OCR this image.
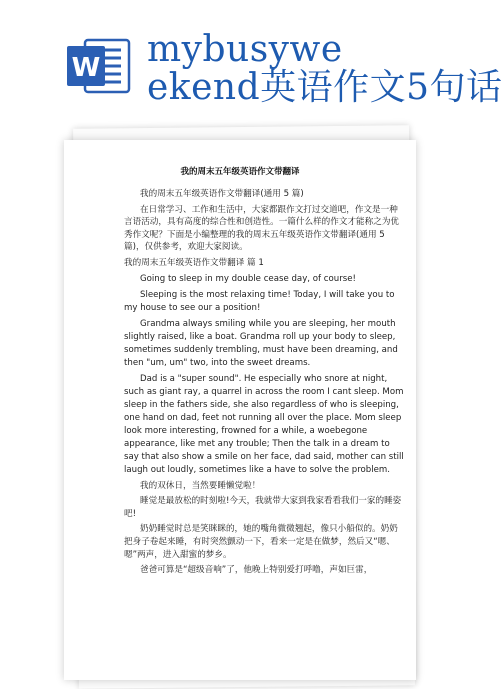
W mybusywe
ekend英语作文5句话
我的周末五年级英语作文带翻译

我的周末五年级英语作文带翻译(通用 5 篇)

在日常学习、工作和生活中，大家都跟作文打过交道吧，作文是一种言语活动，具有高度的综合性和创造性。一篇什么样的作文才能称之为优秀作文呢？下面是小编整理的我的周末五年级英语作文带翻译(通用 5 篇)，仅供参考，欢迎大家阅读。

我的周末五年级英语作文带翻译 篇 1

Going to sleep in my double cease day, of course!

Sleeping is the most relaxing time! Today, I will take you to my house to see our a position!

Grandma always smiling while you are sleeping, her mouth slightly raised, like a boat. Grandma roll up your body to sleep, sometimes suddenly trembling, must have been dreaming, and then "um, um" two, into the sweet dreams.

Dad is a "super sound". He especially who snore at night, such as giant ray, a quarrel in across the room I cant sleep. Mom sleep in the fathers side, she also regardless of who is sleeping, one hand on dad, feet not running all over the place. Mom sleep look more interesting, frowned for a while, a woebegone appearance, like met any trouble; Then the talk in a dream to say that also show a smile on her face, dad said, mother can still laugh out loudly, sometimes like a have to solve the problem.

我的双休日，当然要睡懒觉啦！

睡觉是最放松的时刻啦!今天，我就带大家到我家看看我们一家的睡姿吧!

奶奶睡觉时总是笑眯眯的，她的嘴角微微翘起，像只小船似的。奶奶把身子卷起来睡，有时突然颤动一下，看来一定是在做梦，然后又“嗯、嗯”两声，进入甜蜜的梦乡。

爸爸可算是“超级音响”了，他晚上特别爱打呼噜，声如巨雷，
